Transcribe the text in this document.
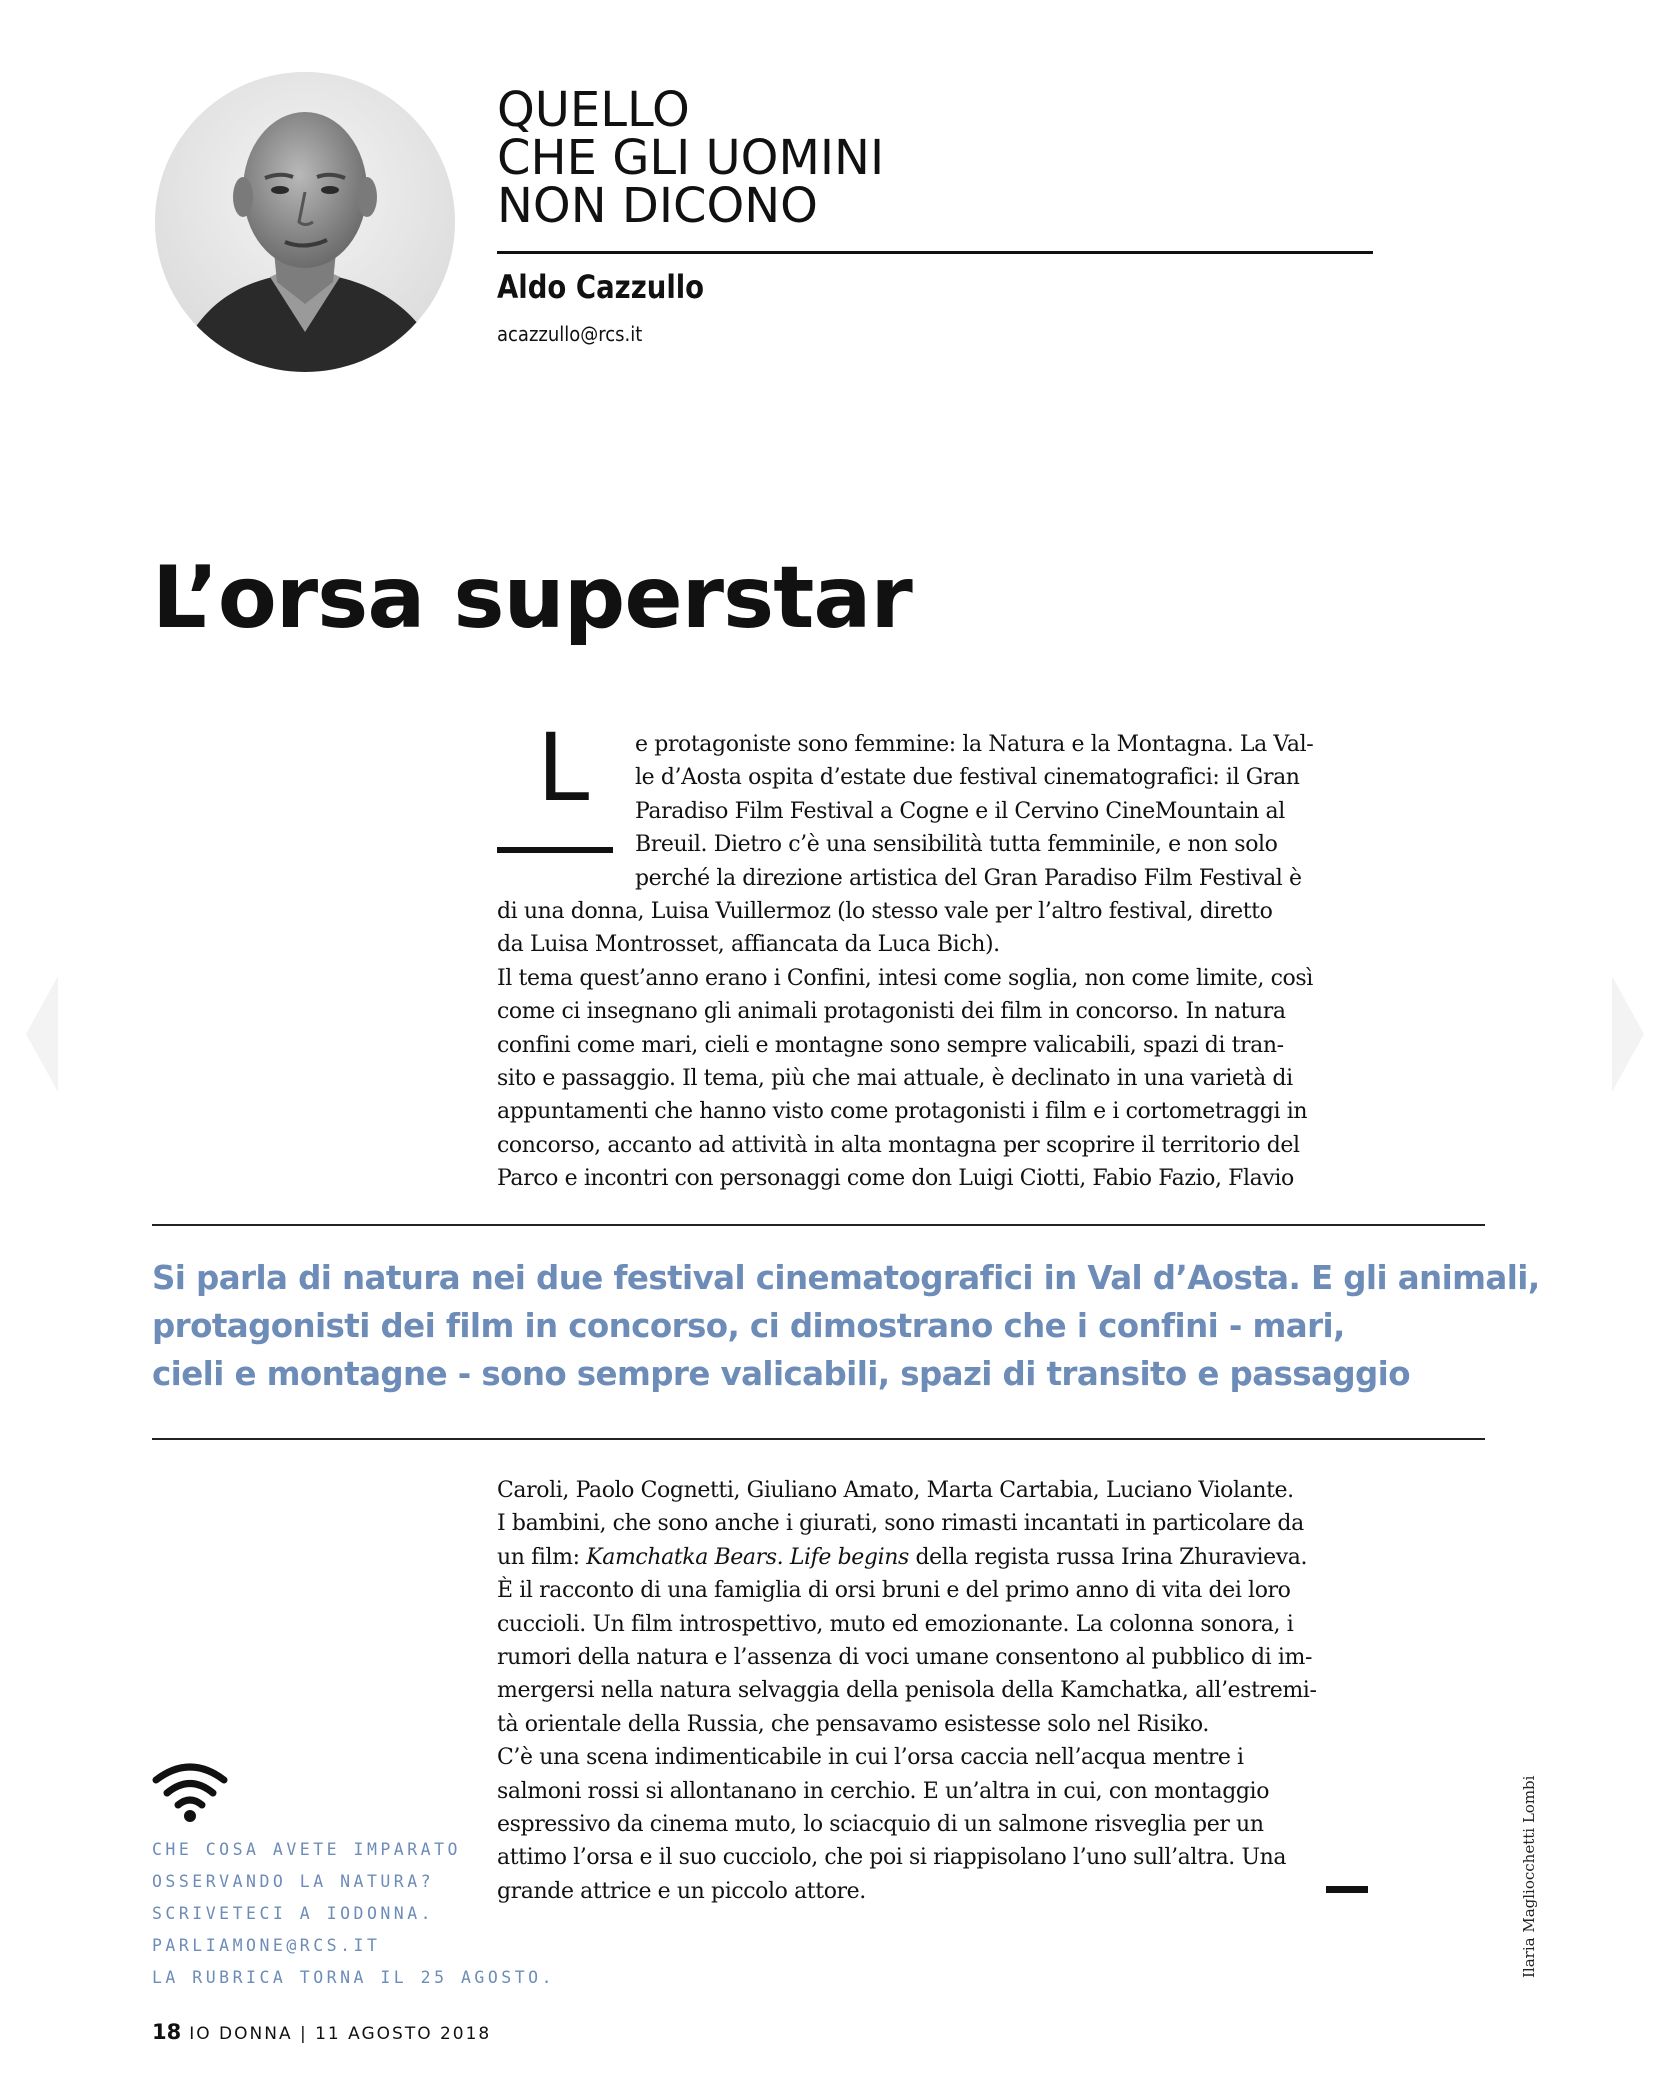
QUELLO
CHE GLI UOMINI
NON DICONO
Aldo Cazzullo
acazzullo@rcs.it
L’orsa superstar
L	e protagoniste sono femmine: la Natura e la Montagna. La Val-
le d’Aosta ospita d’estate due festival cinematografici: il Gran
Paradiso Film Festival a Cogne e il Cervino CineMountain al
Breuil. Dietro c’è una sensibilità tutta femminile, e non solo
perché la direzione artistica del Gran Paradiso Film Festival è
di una donna, Luisa Vuillermoz (lo stesso vale per l’altro festival, diretto
da Luisa Montrosset, affiancata da Luca Bich).
Il tema quest’anno erano i Confini, intesi come soglia, non come limite, così
come ci insegnano gli animali protagonisti dei film in concorso. In natura
confini come mari, cieli e montagne sono sempre valicabili, spazi di tran-
sito e passaggio. Il tema, più che mai attuale, è declinato in una varietà di
appuntamenti che hanno visto come protagonisti i film e i cortometraggi in
concorso, accanto ad attività in alta montagna per scoprire il territorio del
Parco e incontri con personaggi come don Luigi Ciotti, Fabio Fazio, Flavio
Si parla di natura nei due festival cinematografici in Val d’Aosta. E gli animali,
protagonisti dei film in concorso, ci dimostrano che i confini - mari,
cieli e montagne - sono sempre valicabili, spazi di transito e passaggio
Caroli, Paolo Cognetti, Giuliano Amato, Marta Cartabia, Luciano Violante.
I bambini, che sono anche i giurati, sono rimasti incantati in particolare da
un film: Kamchatka Bears. Life begins della regista russa Irina Zhuravieva.
È il racconto di una famiglia di orsi bruni e del primo anno di vita dei loro
cuccioli. Un film introspettivo, muto ed emozionante. La colonna sonora, i
rumori della natura e l’assenza di voci umane consentono al pubblico di im-
mergersi nella natura selvaggia della penisola della Kamchatka, all’estremi-
tà orientale della Russia, che pensavamo esistesse solo nel Risiko.
C’è una scena indimenticabile in cui l’orsa caccia nell’acqua mentre i
salmoni rossi si allontanano in cerchio. E un’altra in cui, con montaggio
espressivo da cinema muto, lo sciacquio di un salmone risveglia per un
attimo l’orsa e il suo cucciolo, che poi si riappisolano l’uno sull’altra. Una
grande attrice e un piccolo attore.
CHE COSA AVETE IMPARATO
OSSERVANDO LA NATURA?
SCRIVETECI A IODONNA.
PARLIAMONE@RCS.IT
LA RUBRICA TORNA IL 25 AGOSTO.
18 IO DONNA | 11 AGOSTO 2018
Ilaria Magliocchetti Lombi
